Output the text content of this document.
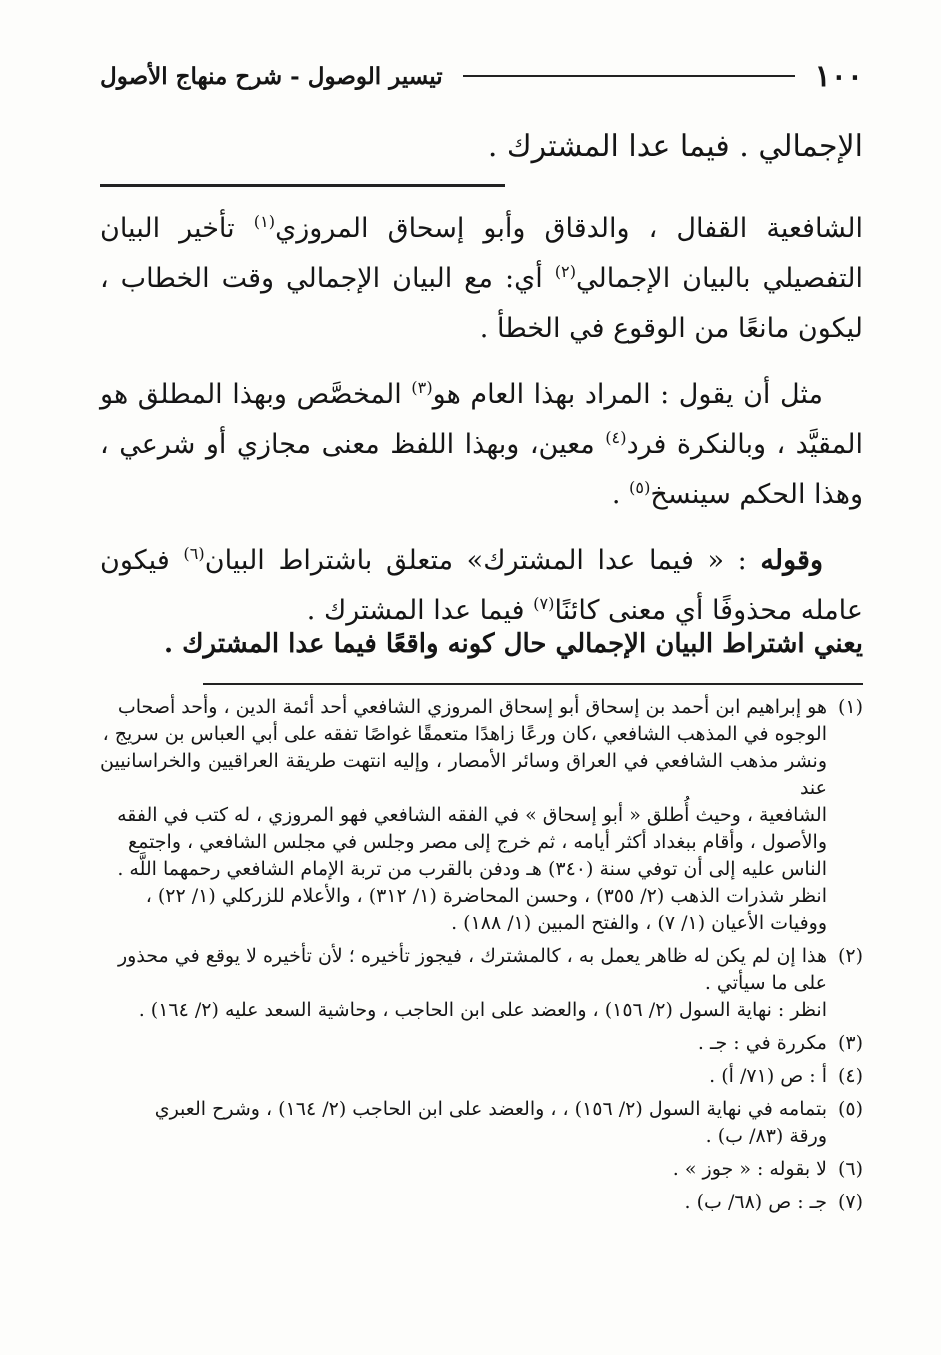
١٠٠
تيسير الوصول - شرح منهاج الأصول
الإجمالي . فيما عدا المشترك .

الشافعية القفال ، والدقاق وأبو إسحاق المروزي$^{(١)}$ تأخير البيان التفصيلي بالبيان الإجمالي$^{(٢)}$ أي: مع البيان الإجمالي وقت الخطاب ، ليكون مانعًا من الوقوع في الخطأ .

مثل أن يقول : المراد بهذا العام هو$^{(٣)}$ المخصَّص وبهذا المطلق هو المقيَّد ، وبالنكرة فرد$^{(٤)}$ معين، وبهذا اللفظ معنى مجازي أو شرعي ، وهذا الحكم سينسخ$^{(٥)}$ .

وقوله : « فيما عدا المشترك» متعلق باشتراط البيان$^{(٦)}$ فيكون عامله محذوفًا أي معنى كائنًا$^{(٧)}$ فيما عدا المشترك .

يعني اشتراط البيان الإجمالي حال كونه واقعًا فيما عدا المشترك .
(١)
هو إبراهيم ابن أحمد بن إسحاق أبو إسحاق المروزي الشافعي أحد أئمة الدين ، وأحد أصحاب
الوجوه في المذهب الشافعي ،كان ورعًا زاهدًا متعمقًا غواصًا تفقه على أبي العباس بن سريج ،
ونشر مذهب الشافعي في العراق وسائر الأمصار ، وإليه انتهت طريقة العراقيين والخراسانيين عند
الشافعية ، وحيث أُطلق « أبو إسحاق » في الفقه الشافعي فهو المروزي ، له كتب في الفقه
والأصول ، وأقام ببغداد أكثر أيامه ، ثم خرج إلى مصر وجلس في مجلس الشافعي ، واجتمع
الناس عليه إلى أن توفي سنة (٣٤٠) هـ ودفن بالقرب من تربة الإمام الشافعي رحمهما اللَّه .
انظر شذرات الذهب (٢/ ٣٥٥) ، وحسن المحاضرة (١/ ٣١٢) ، والأعلام للزركلي (١/ ٢٢) ،
ووفيات الأعيان (١/ ٧) ، والفتح المبين (١/ ١٨٨) .
(٢)
هذا إن لم يكن له ظاهر يعمل به ، كالمشترك ، فيجوز تأخيره ؛ لأن تأخيره لا يوقع في محذور
على ما سيأتي .
انظر : نهاية السول (٢/ ١٥٦) ، والعضد على ابن الحاجب ، وحاشية السعد عليه (٢/ ١٦٤) .
(٣)
مكررة في : جـ .
(٤)
أ : ص (٧١/ أ) .
(٥)
بتمامه في نهاية السول (٢/ ١٥٦) ، ، والعضد على ابن الحاجب (٢/ ١٦٤) ، وشرح العبري
ورقة (٨٣/ ب) .
(٦)
لا بقوله : « جوز » .
(٧)
جـ : ص (٦٨/ ب) .
